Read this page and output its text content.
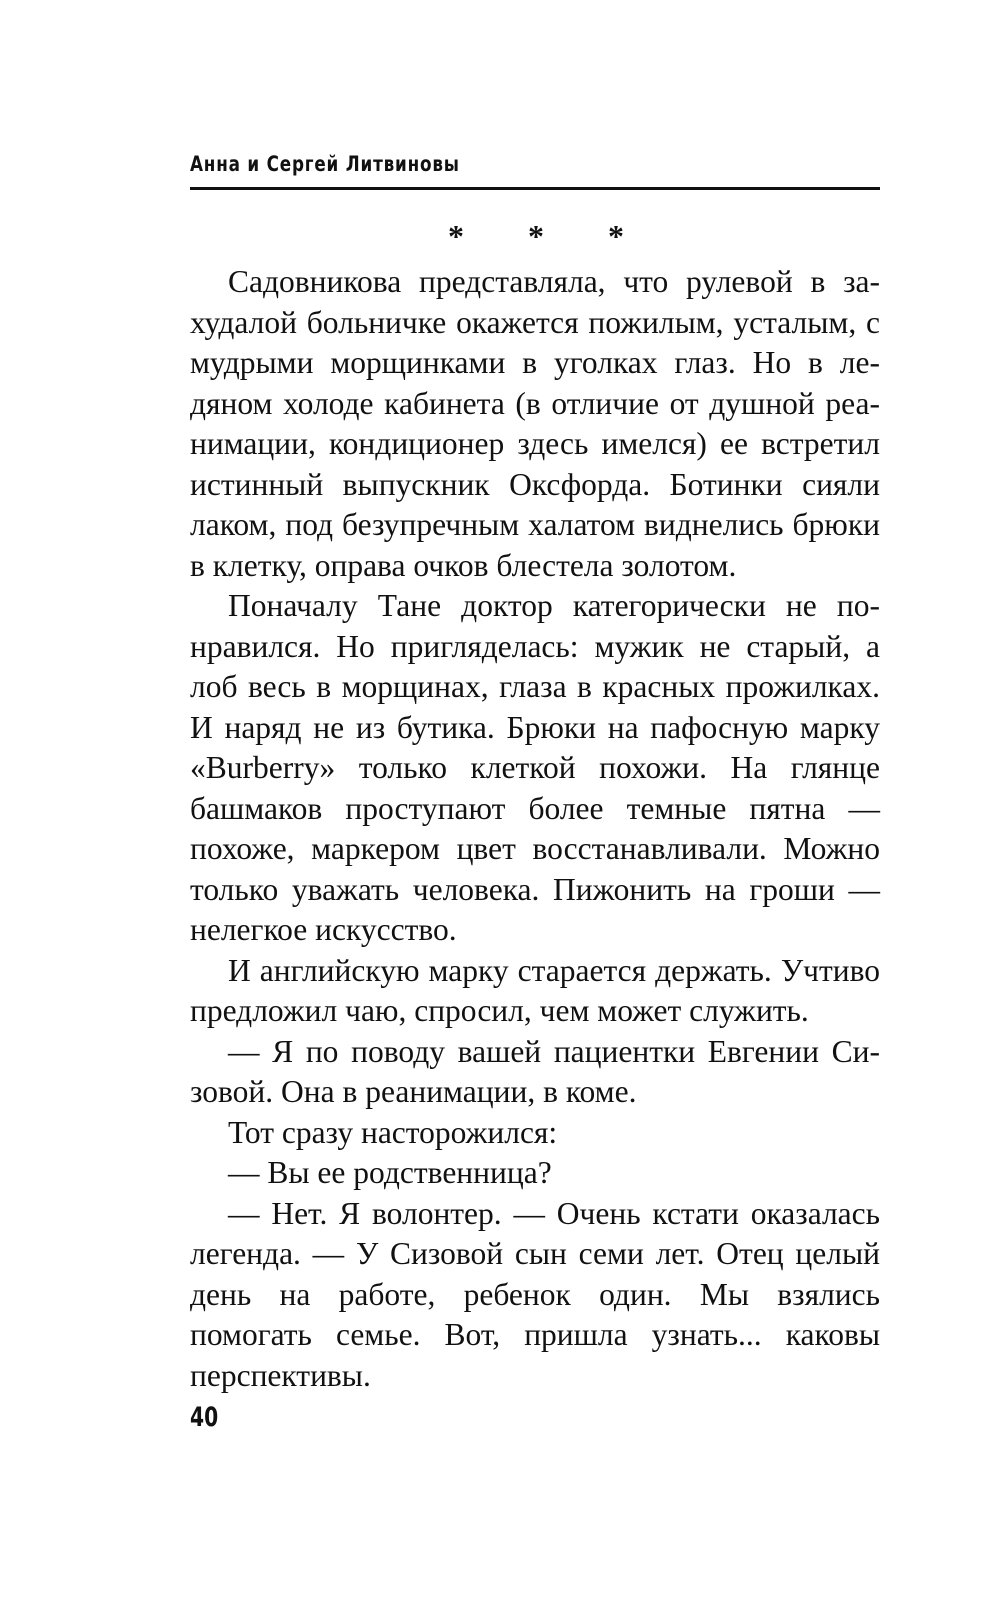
Анна и Сергей Литвиновы
* * *

Садовникова представляла, что рулевой в захудалой больничке окажется пожилым, усталым, с мудрыми морщинками в уголках глаз. Но в ледяном холоде кабинета (в отличие от душной реанимации, кондиционер здесь имелся) ее встретил истинный выпускник Оксфорда. Ботинки сияли лаком, под безупречным халатом виднелись брюки в клетку, оправа очков блестела золотом.

Поначалу Тане доктор категорически не понравился. Но пригляделась: мужик не старый, а лоб весь в морщинах, глаза в красных прожилках. И наряд не из бутика. Брюки на пафосную марку «Burberry» только клеткой похожи. На глянце башмаков проступают более темные пятна — похоже, маркером цвет восстанавливали. Можно только уважать человека. Пижонить на гроши — нелегкое искусство.

И английскую марку старается держать. Учтиво предложил чаю, спросил, чем может служить.

— Я по поводу вашей пациентки Евгении Сизовой. Она в реанимации, в коме.

Тот сразу насторожился:

— Вы ее родственница?

— Нет. Я волонтер. — Очень кстати оказалась легенда. — У Сизовой сын семи лет. Отец целый день на работе, ребенок один. Мы взялись помогать семье. Вот, пришла узнать... каковы перспективы.

40
